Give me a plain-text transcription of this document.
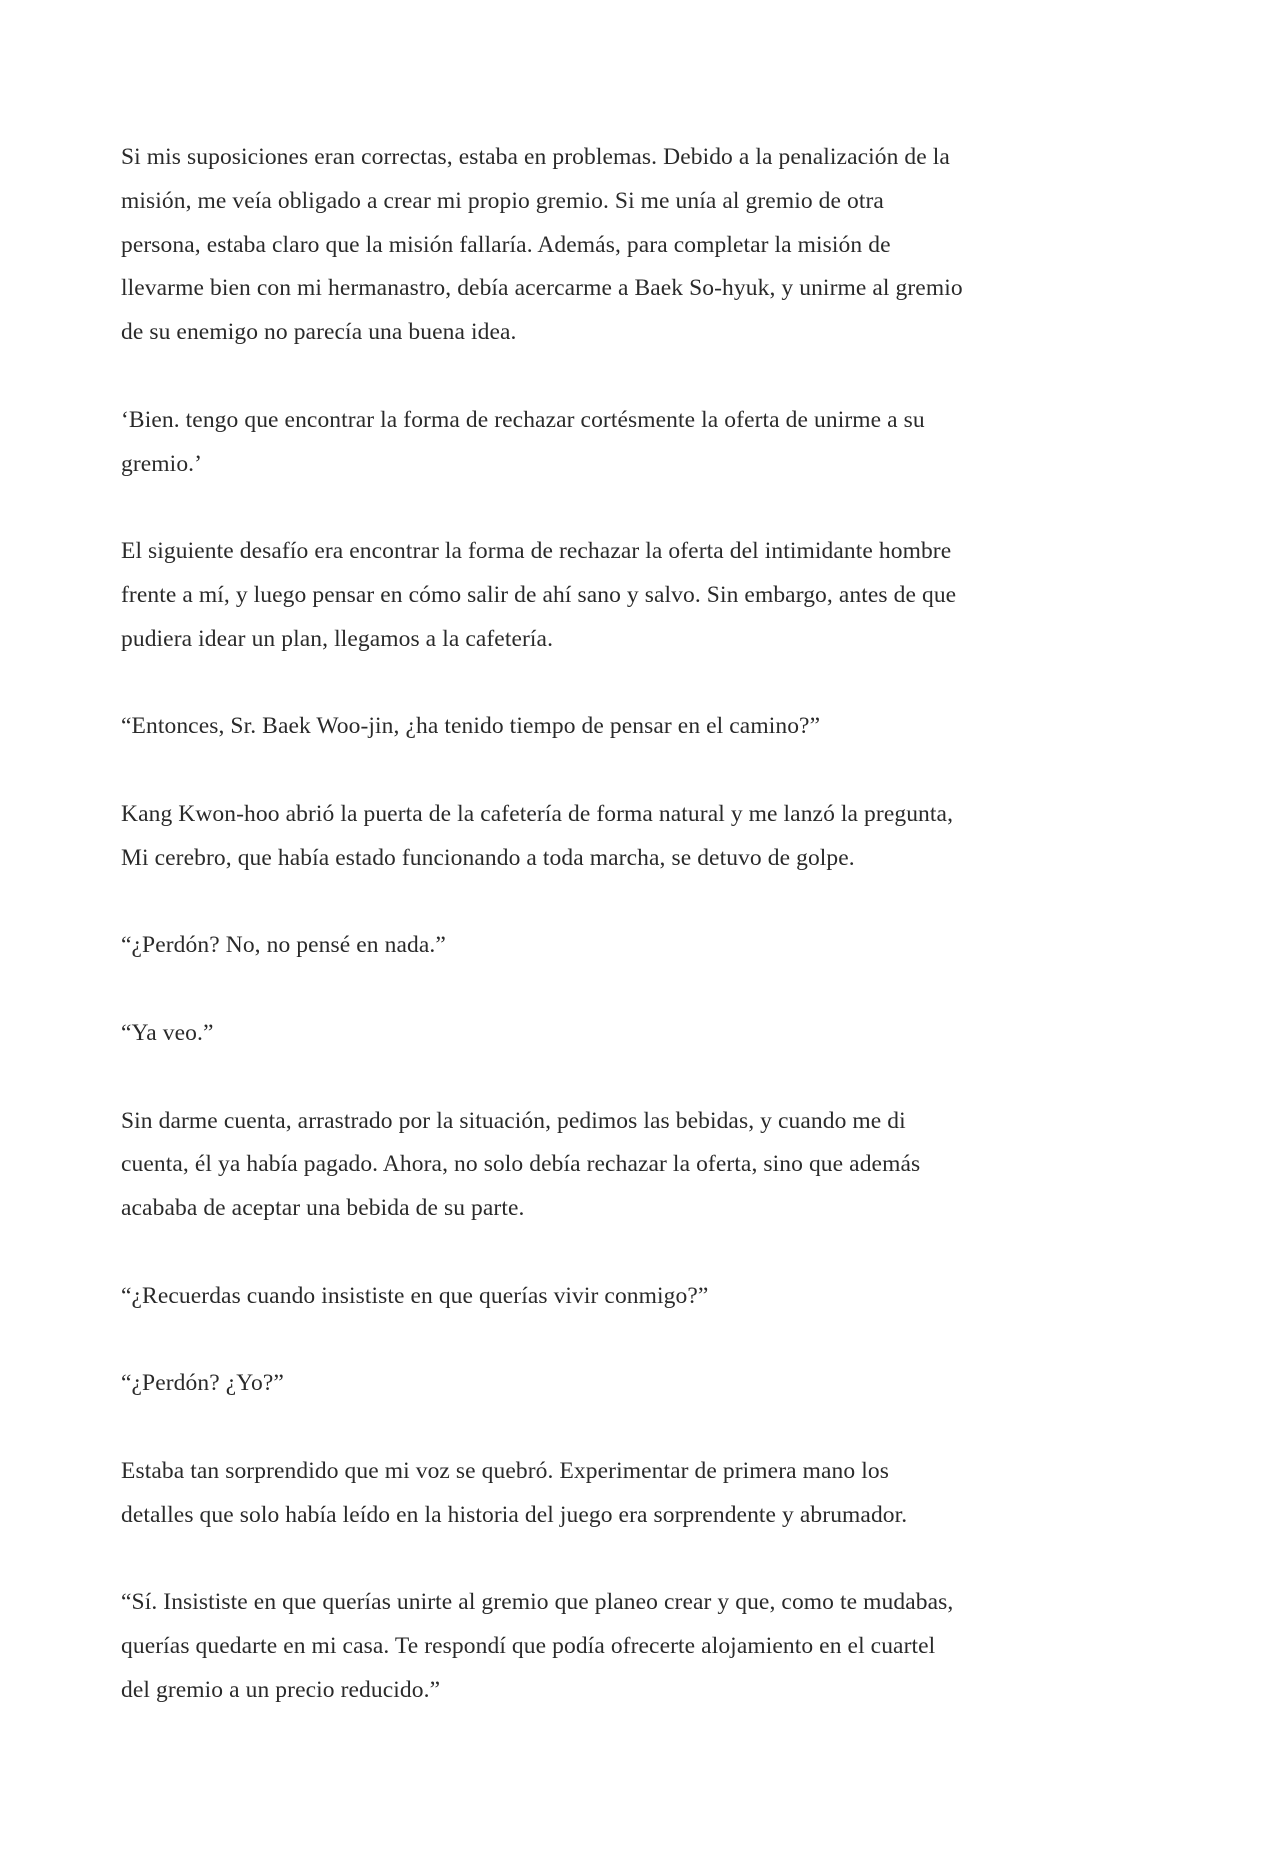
Si mis suposiciones eran correctas, estaba en problemas. Debido a la penalización de la
misión, me veía obligado a crear mi propio gremio. Si me unía al gremio de otra
persona, estaba claro que la misión fallaría. Además, para completar la misión de
llevarme bien con mi hermanastro, debía acercarme a Baek So-hyuk, y unirme al gremio
de su enemigo no parecía una buena idea.

‘Bien. tengo que encontrar la forma de rechazar cortésmente la oferta de unirme a su
gremio.’

El siguiente desafío era encontrar la forma de rechazar la oferta del intimidante hombre
frente a mí, y luego pensar en cómo salir de ahí sano y salvo. Sin embargo, antes de que
pudiera idear un plan, llegamos a la cafetería.

“Entonces, Sr. Baek Woo-jin, ¿ha tenido tiempo de pensar en el camino?”

Kang Kwon-hoo abrió la puerta de la cafetería de forma natural y me lanzó la pregunta,
Mi cerebro, que había estado funcionando a toda marcha, se detuvo de golpe.

“¿Perdón? No, no pensé en nada.”

“Ya veo.”

Sin darme cuenta, arrastrado por la situación, pedimos las bebidas, y cuando me di
cuenta, él ya había pagado. Ahora, no solo debía rechazar la oferta, sino que además
acababa de aceptar una bebida de su parte.

“¿Recuerdas cuando insististe en que querías vivir conmigo?”

“¿Perdón? ¿Yo?”

Estaba tan sorprendido que mi voz se quebró. Experimentar de primera mano los
detalles que solo había leído en la historia del juego era sorprendente y abrumador.

“Sí. Insististe en que querías unirte al gremio que planeo crear y que, como te mudabas,
querías quedarte en mi casa. Te respondí que podía ofrecerte alojamiento en el cuartel
del gremio a un precio reducido.”
